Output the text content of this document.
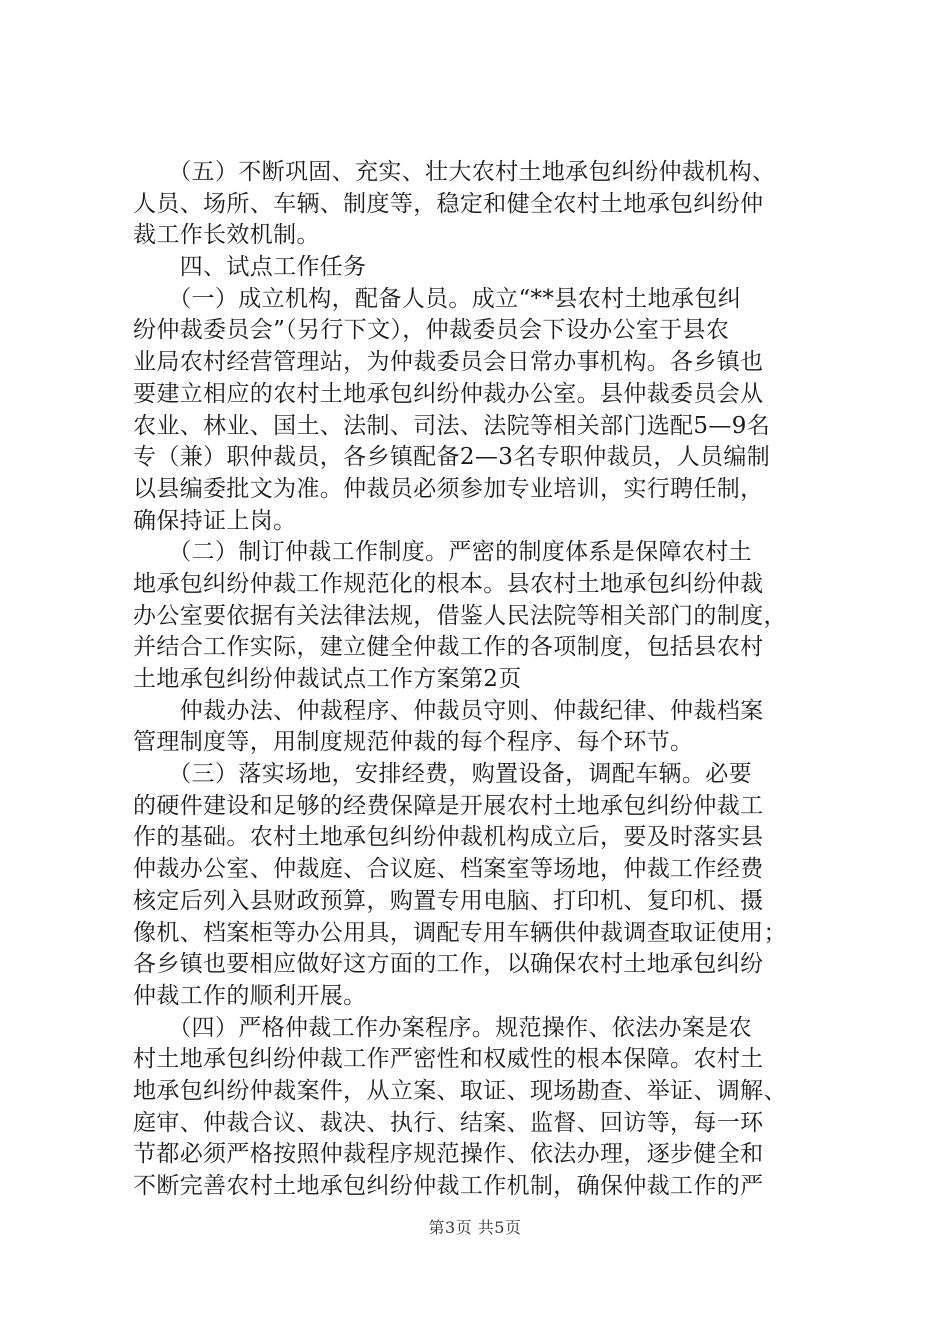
　　（五）不断巩固、充实、壮大农村土地承包纠纷仲裁机构、
人员、场所、车辆、制度等，稳定和健全农村土地承包纠纷仲
裁工作长效机制。
　　四、试点工作任务
　　（一）成立机构，配备人员。成立“**县农村土地承包纠
纷仲裁委员会”（另行下文），仲裁委员会下设办公室于县农
业局农村经营管理站，为仲裁委员会日常办事机构。各乡镇也
要建立相应的农村土地承包纠纷仲裁办公室。县仲裁委员会从
农业、林业、国土、法制、司法、法院等相关部门选配5—9名
专（兼）职仲裁员，各乡镇配备2—3名专职仲裁员，人员编制
以县编委批文为准。仲裁员必须参加专业培训，实行聘任制，
确保持证上岗。
　　（二）制订仲裁工作制度。严密的制度体系是保障农村土
地承包纠纷仲裁工作规范化的根本。县农村土地承包纠纷仲裁
办公室要依据有关法律法规，借鉴人民法院等相关部门的制度，
并结合工作实际，建立健全仲裁工作的各项制度，包括县农村
土地承包纠纷仲裁试点工作方案第2页
　　仲裁办法、仲裁程序、仲裁员守则、仲裁纪律、仲裁档案
管理制度等，用制度规范仲裁的每个程序、每个环节。
　　（三）落实场地，安排经费，购置设备，调配车辆。必要
的硬件建设和足够的经费保障是开展农村土地承包纠纷仲裁工
作的基础。农村土地承包纠纷仲裁机构成立后，要及时落实县
仲裁办公室、仲裁庭、合议庭、档案室等场地，仲裁工作经费
核定后列入县财政预算，购置专用电脑、打印机、复印机、摄
像机、档案柜等办公用具，调配专用车辆供仲裁调查取证使用；
各乡镇也要相应做好这方面的工作，以确保农村土地承包纠纷
仲裁工作的顺利开展。
　　（四）严格仲裁工作办案程序。规范操作、依法办案是农
村土地承包纠纷仲裁工作严密性和权威性的根本保障。农村土
地承包纠纷仲裁案件，从立案、取证、现场勘查、举证、调解、
庭审、仲裁合议、裁决、执行、结案、监督、回访等，每一环
节都必须严格按照仲裁程序规范操作、依法办理，逐步健全和
不断完善农村土地承包纠纷仲裁工作机制，确保仲裁工作的严
第3页 共5页
